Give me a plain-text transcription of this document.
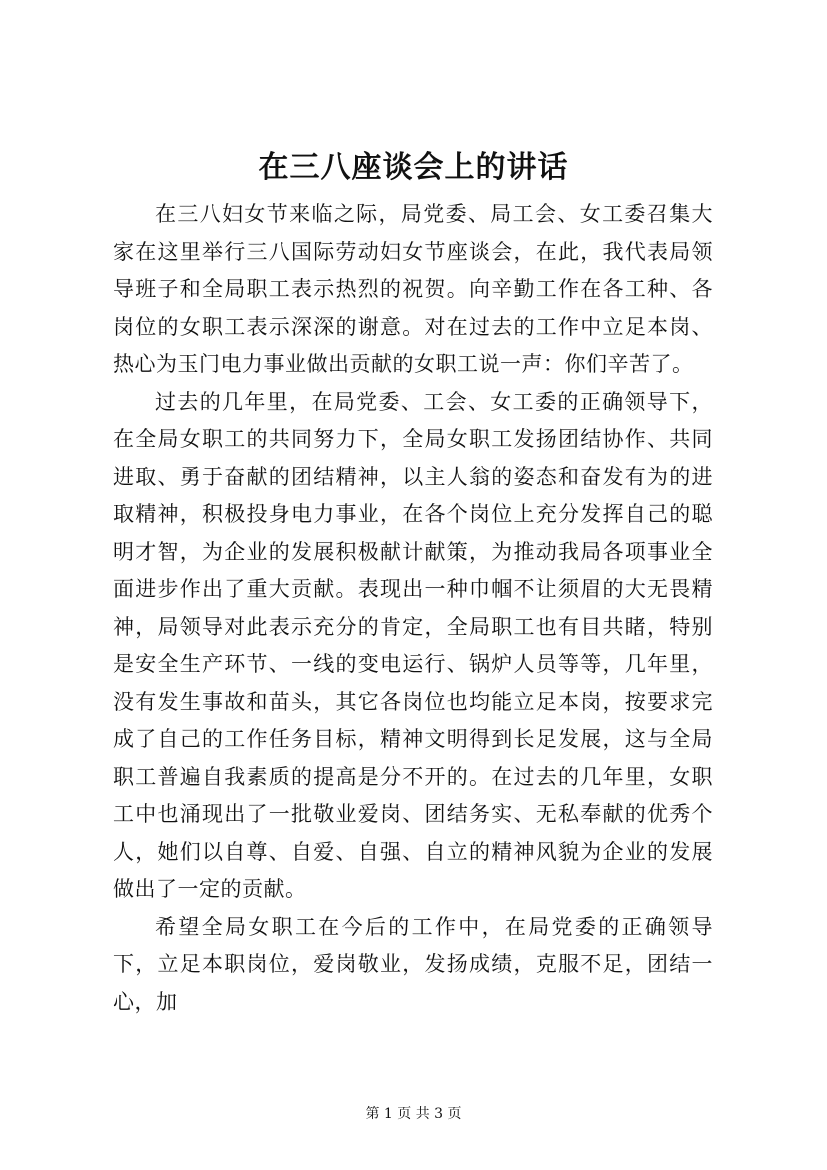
在三八座谈会上的讲话

在三八妇女节来临之际，局党委、局工会、女工委召集大家在这里举行三八国际劳动妇女节座谈会，在此，我代表局领导班子和全局职工表示热烈的祝贺。向辛勤工作在各工种、各岗位的女职工表示深深的谢意。对在过去的工作中立足本岗、热心为玉门电力事业做出贡献的女职工说一声：你们辛苦了。

过去的几年里，在局党委、工会、女工委的正确领导下，在全局女职工的共同努力下，全局女职工发扬团结协作、共同进取、勇于奋献的团结精神，以主人翁的姿态和奋发有为的进取精神，积极投身电力事业，在各个岗位上充分发挥自己的聪明才智，为企业的发展积极献计献策，为推动我局各项事业全面进步作出了重大贡献。表现出一种巾帼不让须眉的大无畏精神，局领导对此表示充分的肯定，全局职工也有目共睹，特别是安全生产环节、一线的变电运行、锅炉人员等等，几年里，没有发生事故和苗头，其它各岗位也均能立足本岗，按要求完成了自己的工作任务目标，精神文明得到长足发展，这与全局职工普遍自我素质的提高是分不开的。在过去的几年里，女职工中也涌现出了一批敬业爱岗、团结务实、无私奉献的优秀个人，她们以自尊、自爱、自强、自立的精神风貌为企业的发展做出了一定的贡献。

希望全局女职工在今后的工作中，在局党委的正确领导下，立足本职岗位，爱岗敬业，发扬成绩，克服不足，团结一心，加

第 1 页 共 3 页
